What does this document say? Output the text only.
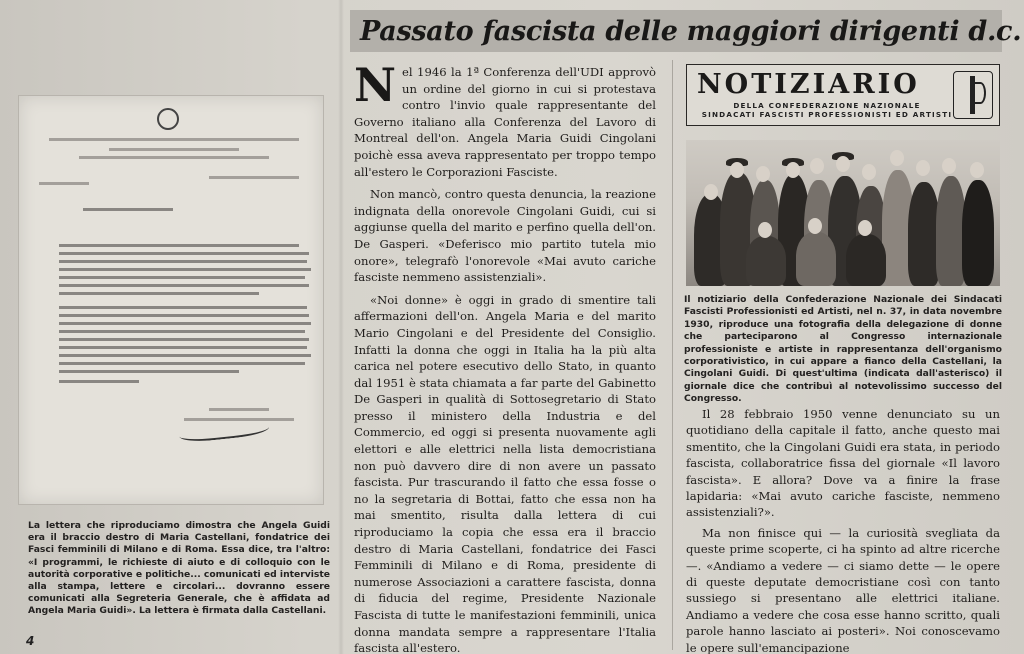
Passato fascista delle maggiori dirigenti d.c.
La lettera che riproduciamo dimostra che Angela Guidi era il braccio destro di Maria Castellani, fondatrice dei Fasci femminili di Milano e di Roma. Essa dice, tra l'altro: «I programmi, le richieste di aiuto e di colloquio con le autorità corporative e politiche... comunicati ed interviste alla stampa, lettere e circolari... dovranno essere comunicati alla Segreteria Generale, che è affidata ad Angela Maria Guidi». La lettera è firmata dalla Castellani.
4

Nel 1946 la 1ª Conferenza dell'UDI approvò un ordine del giorno in cui si protestava contro l'invio quale rappresentante del Governo italiano alla Conferenza del Lavoro di Montreal dell'on. Angela Maria Guidi Cingolani poichè essa aveva rappresentato per troppo tempo all'estero le Corporazioni Fasciste.

Non mancò, contro questa denuncia, la reazione indignata della onorevole Cingolani Guidi, cui si aggiunse quella del marito e perfino quella dell'on. De Gasperi. «Deferisco mio partito tutela mio onore», telegrafò l'onorevole «Mai avuto cariche fasciste nemmeno assistenziali».

«Noi donne» è oggi in grado di smentire tali affermazioni dell'on. Angela Maria e del marito Mario Cingolani e del Presidente del Consiglio. Infatti la donna che oggi in Italia ha la più alta carica nel potere esecutivo dello Stato, in quanto dal 1951 è stata chiamata a far parte del Gabinetto De Gasperi in qualità di Sottosegretario di Stato presso il ministero della Industria e del Commercio, ed oggi si presenta nuovamente agli elettori e alle elettrici nella lista democristiana non può davvero dire di non avere un passato fascista. Pur trascurando il fatto che essa fosse o no la segretaria di Bottai, fatto che essa non ha mai smentito, risulta dalla lettera di cui riproduciamo la copia che essa era il braccio destro di Maria Castellani, fondatrice dei Fasci Femminili di Milano e di Roma, presidente di numerose Associazioni a carattere fascista, donna di fiducia del regime, Presidente Nazionale Fascista di tutte le manifestazioni femminili, unica donna mandata sempre a rappresentare l'Italia fascista all'estero.

NOTIZIARIO
DELLA CONFEDERAZIONE NAZIONALE
SINDACATI FASCISTI PROFESSIONISTI ED ARTISTI
Il notiziario della Confederazione Nazionale dei Sindacati Fascisti Professionisti ed Artisti, nel n. 37, in data novembre 1930, riproduce una fotografia della delegazione di donne che parteciparono al Congresso internazionale professioniste e artiste in rappresentanza dell'organismo corporativistico, in cui appare a fianco della Castellani, la Cingolani Guidi. Di quest'ultima (indicata dall'asterisco) il giornale dice che contribuì al notevolissimo successo del Congresso.

Il 28 febbraio 1950 venne denunciato su un quotidiano della capitale il fatto, anche questo mai smentito, che la Cingolani Guidi era stata, in periodo fascista, collaboratrice fissa del giornale «Il lavoro fascista». E allora? Dove va a finire la frase lapidaria: «Mai avuto cariche fasciste, nemmeno assistenziali?».

Ma non finisce qui — la curiosità svegliata da queste prime scoperte, ci ha spinto ad altre ricerche —. «Andiamo a vedere — ci siamo dette — le opere di queste deputate democristiane così con tanto sussiego si presentano alle elettrici italiane. Andiamo a vedere che cosa esse hanno scritto, quali parole hanno lasciato ai posteri». Noi conoscevamo le opere sull'emancipazione
